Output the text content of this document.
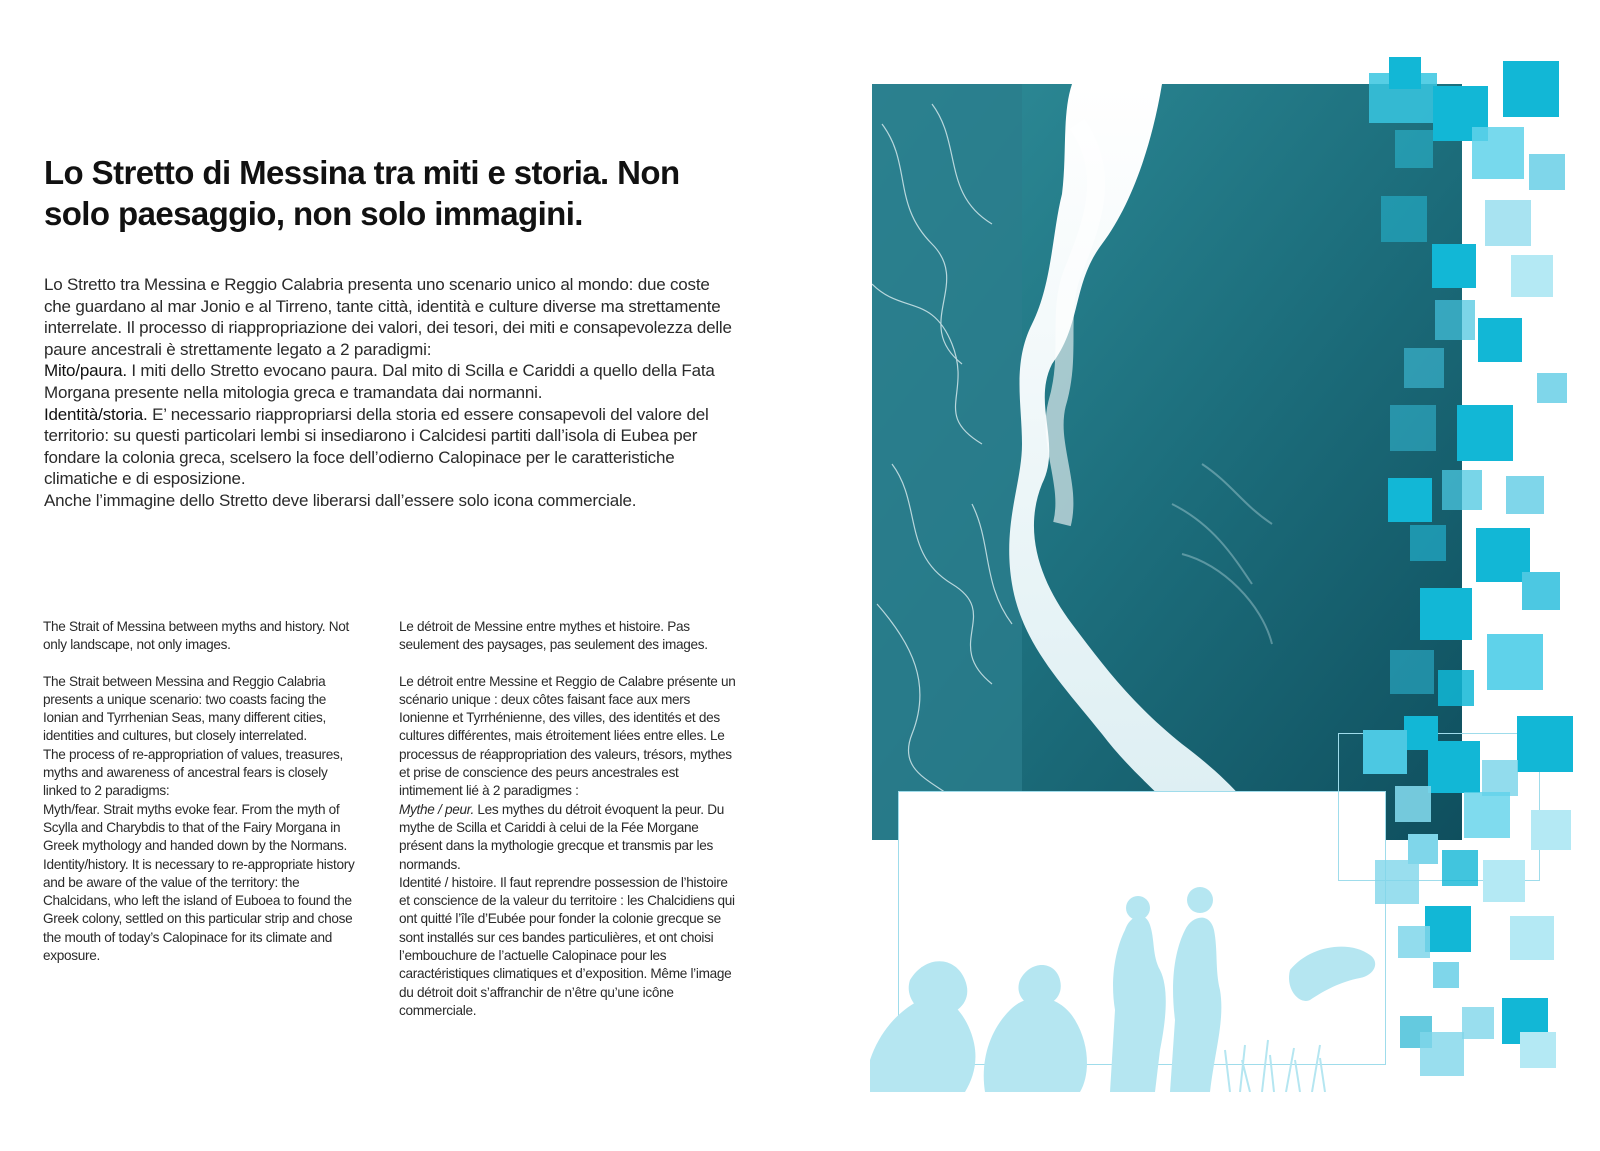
Lo Stretto di Messina tra miti e storia. Non solo paesaggio, non solo immagini.

Lo Stretto tra Messina e Reggio Calabria presenta uno scenario unico al mondo: due coste che guardano al mar Jonio e al Tirreno, tante città, identità e culture diverse ma strettamente interrelate. Il processo di riappropriazione dei valori, dei tesori, dei miti e consapevolezza delle paure ancestrali è strettamente legato a 2 paradigmi:

Mito/paura. I miti dello Stretto evocano paura. Dal mito di Scilla e Cariddi a quello della Fata Morgana presente nella mitologia greca e tramandata dai normanni.

Identità/storia. E’ necessario riappropriarsi della storia ed essere consapevoli del valore del territorio: su questi particolari lembi si insediarono i Calcidesi partiti dall’isola di Eubea per fondare la colonia greca, scelsero la foce dell’odierno Calopinace per le caratteristiche climatiche e di esposizione.

Anche l’immagine dello Stretto deve liberarsi dall’essere solo icona commerciale.

The Strait of Messina between myths and history. Not only landscape, not only images.

The Strait between Messina and Reggio Calabria presents a unique scenario: two coasts facing the Ionian and Tyrrhenian Seas, many different cities, identities and cultures, but closely interrelated.

The process of re-appropriation of values, treasures, myths and awareness of ancestral fears is closely linked to 2 paradigms:

Myth/fear. Strait myths evoke fear. From the myth of Scylla and Charybdis to that of the Fairy Morgana in Greek mythology and handed down by the Normans.

Identity/history. It is necessary to re-appropriate history and be aware of the value of the territory: the Chalcidans, who left the island of Euboea to found the Greek colony, settled on this particular strip and chose the mouth of today’s Calopinace for its climate and exposure.

Le détroit de Messine entre mythes et histoire. Pas seulement des paysages, pas seulement des images.

Le détroit entre Messine et Reggio de Calabre présente un scénario unique : deux côtes faisant face aux mers Ionienne et Tyrrhénienne, des villes, des identités et des cultures différentes, mais étroitement liées entre elles. Le processus de réappropriation des valeurs, trésors, mythes et prise de conscience des peurs ancestrales est intimement lié à 2 paradigmes :

Mythe / peur. Les mythes du détroit évoquent la peur. Du mythe de Scilla et Cariddi à celui de la Fée Morgane présent dans la mythologie grecque et transmis par les normands.

Identité / histoire. Il faut reprendre possession de l’histoire et conscience de la valeur du territoire : les Chalcidiens qui ont quitté l’île d’Eubée pour fonder la colonie grecque se sont installés sur ces bandes particulières, et ont choisi l’embouchure de l’actuelle Calopinace pour les caractéristiques climatiques et d’exposition. Même l’image du détroit doit s’affranchir de n’être qu’une icône commerciale.
